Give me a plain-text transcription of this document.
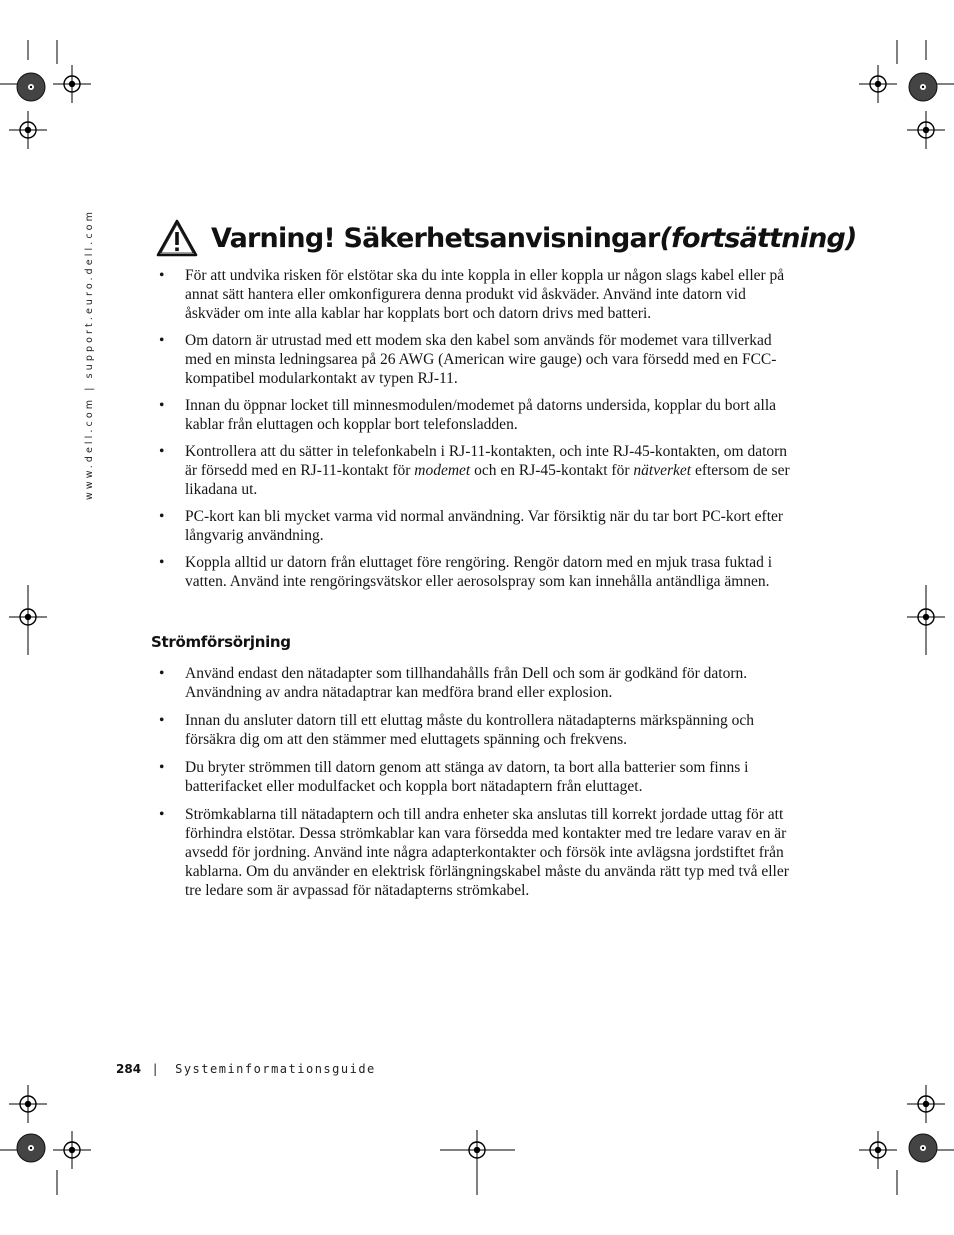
www.dell.com | support.euro.dell.com	Varning! Säkerhetsanvisningar (fortsättning)
• För att undvika risken för elstötar ska du inte koppla in eller koppla ur någon slags kabel eller på annat sätt hantera eller omkonfigurera denna produkt vid åskväder. Använd inte datorn vid åskväder om inte alla kablar har kopplats bort och datorn drivs med batteri.
• Om datorn är utrustad med ett modem ska den kabel som används för modemet vara tillverkad med en minsta ledningsarea på 26 AWG (American wire gauge) och vara försedd med en FCC-kompatibel modularkontakt av typen RJ-11.
• Innan du öppnar locket till minnesmodulen/modemet på datorns undersida, kopplar du bort alla kablar från eluttagen och kopplar bort telefonsladden.
• Kontrollera att du sätter in telefonkabeln i RJ-11-kontakten, och inte RJ-45-kontakten, om datorn är försedd med en RJ-11-kontakt för modemet och en RJ-45-kontakt för nätverket eftersom de ser likadana ut.
• PC-kort kan bli mycket varma vid normal användning. Var försiktig när du tar bort PC-kort efter långvarig användning.
• Koppla alltid ur datorn från eluttaget före rengöring. Rengör datorn med en mjuk trasa fuktad i vatten. Använd inte rengöringsvätskor eller aerosolspray som kan innehålla antändliga ämnen.
Strömförsörjning
• Använd endast den nätadapter som tillhandahålls från Dell och som är godkänd för datorn. Användning av andra nätadaptrar kan medföra brand eller explosion.
• Innan du ansluter datorn till ett eluttag måste du kontrollera nätadapterns märkspänning och försäkra dig om att den stämmer med eluttagets spänning och frekvens.
• Du bryter strömmen till datorn genom att stänga av datorn, ta bort alla batterier som finns i batterifacket eller modulfacket och koppla bort nätadaptern från eluttaget.
• Strömkablarna till nätadaptern och till andra enheter ska anslutas till korrekt jordade uttag för att förhindra elstötar. Dessa strömkablar kan vara försedda med kontakter med tre ledare varav en är avsedd för jordning. Använd inte några adapterkontakter och försök inte avlägsna jordstiftet från kablarna. Om du använder en elektrisk förlängningskabel måste du använda rätt typ med två eller tre ledare som är avpassad för nätadapterns strömkabel.
284 | Systeminformationsguide
